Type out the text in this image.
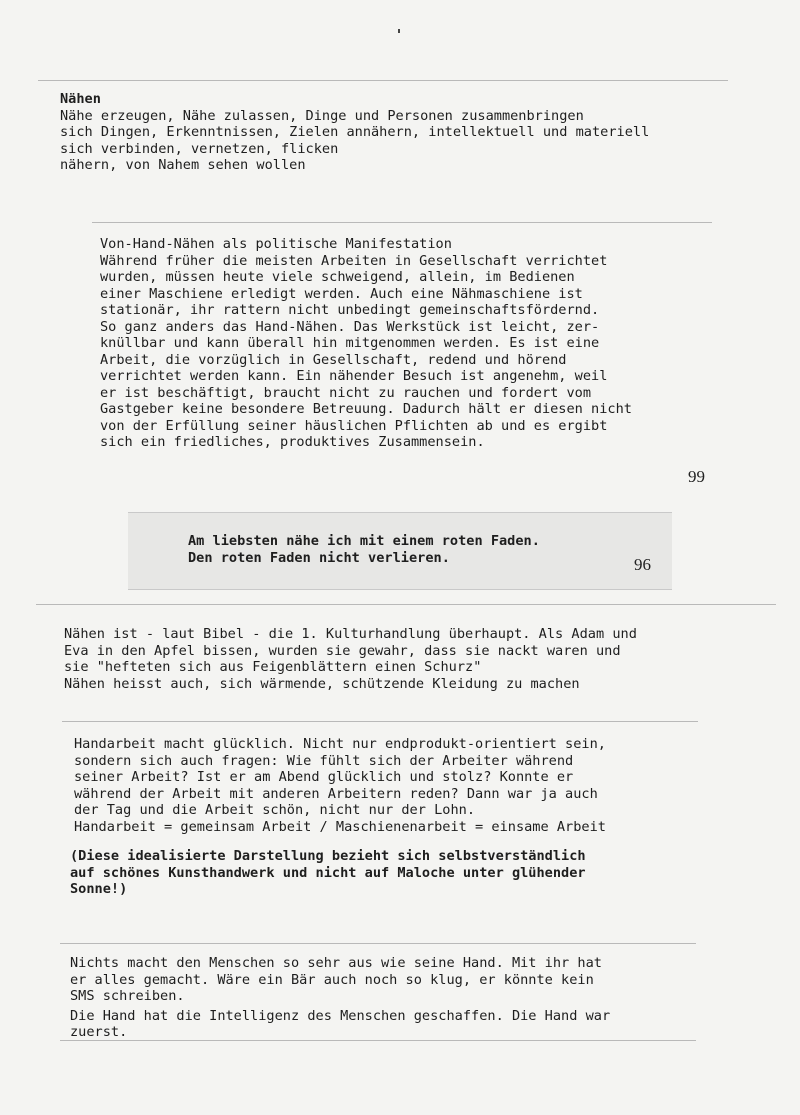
Nähen
Nähe erzeugen, Nähe zulassen, Dinge und Personen zusammenbringen
sich Dingen, Erkenntnissen, Zielen annähern, intellektuell und materiell
sich verbinden, vernetzen, flicken
nähern, von Nahem sehen wollen
Von-Hand-Nähen als politische Manifestation
Während früher die meisten Arbeiten in Gesellschaft verrichtet
wurden, müssen heute viele schweigend, allein, im Bedienen
einer Maschiene erledigt werden. Auch eine Nähmaschiene ist
stationär, ihr rattern nicht unbedingt gemeinschaftsfördernd.
So ganz anders das Hand-Nähen. Das Werkstück ist leicht, zer-
knüllbar und kann überall hin mitgenommen werden. Es ist eine
Arbeit, die vorzüglich in Gesellschaft, redend und hörend
verrichtet werden kann. Ein nähender Besuch ist angenehm, weil
er ist beschäftigt, braucht nicht zu rauchen und fordert vom
Gastgeber keine besondere Betreuung. Dadurch hält er diesen nicht
von der Erfüllung seiner häuslichen Pflichten ab und es ergibt
sich ein friedliches, produktives Zusammensein.
99
Am liebsten nähe ich mit einem roten Faden.
Den roten Faden nicht verlieren.	96
Nähen ist - laut Bibel - die 1. Kulturhandlung überhaupt. Als Adam und
Eva in den Apfel bissen, wurden sie gewahr, dass sie nackt waren und
sie "hefteten sich aus Feigenblättern einen Schurz"
Nähen heisst auch, sich wärmende, schützende Kleidung zu machen
Handarbeit macht glücklich. Nicht nur endprodukt-orientiert sein,
sondern sich auch fragen: Wie fühlt sich der Arbeiter während
seiner Arbeit? Ist er am Abend glücklich und stolz? Konnte er
während der Arbeit mit anderen Arbeitern reden? Dann war ja auch
der Tag und die Arbeit schön, nicht nur der Lohn.
Handarbeit = gemeinsam Arbeit / Maschienenarbeit = einsame Arbeit
(Diese idealisierte Darstellung bezieht sich selbstverständlich
auf schönes Kunsthandwerk und nicht auf Maloche unter glühender
Sonne!)
Nichts macht den Menschen so sehr aus wie seine Hand. Mit ihr hat
er alles gemacht. Wäre ein Bär auch noch so klug, er könnte kein
SMS schreiben.
Die Hand hat die Intelligenz des Menschen geschaffen. Die Hand war
zuerst.
